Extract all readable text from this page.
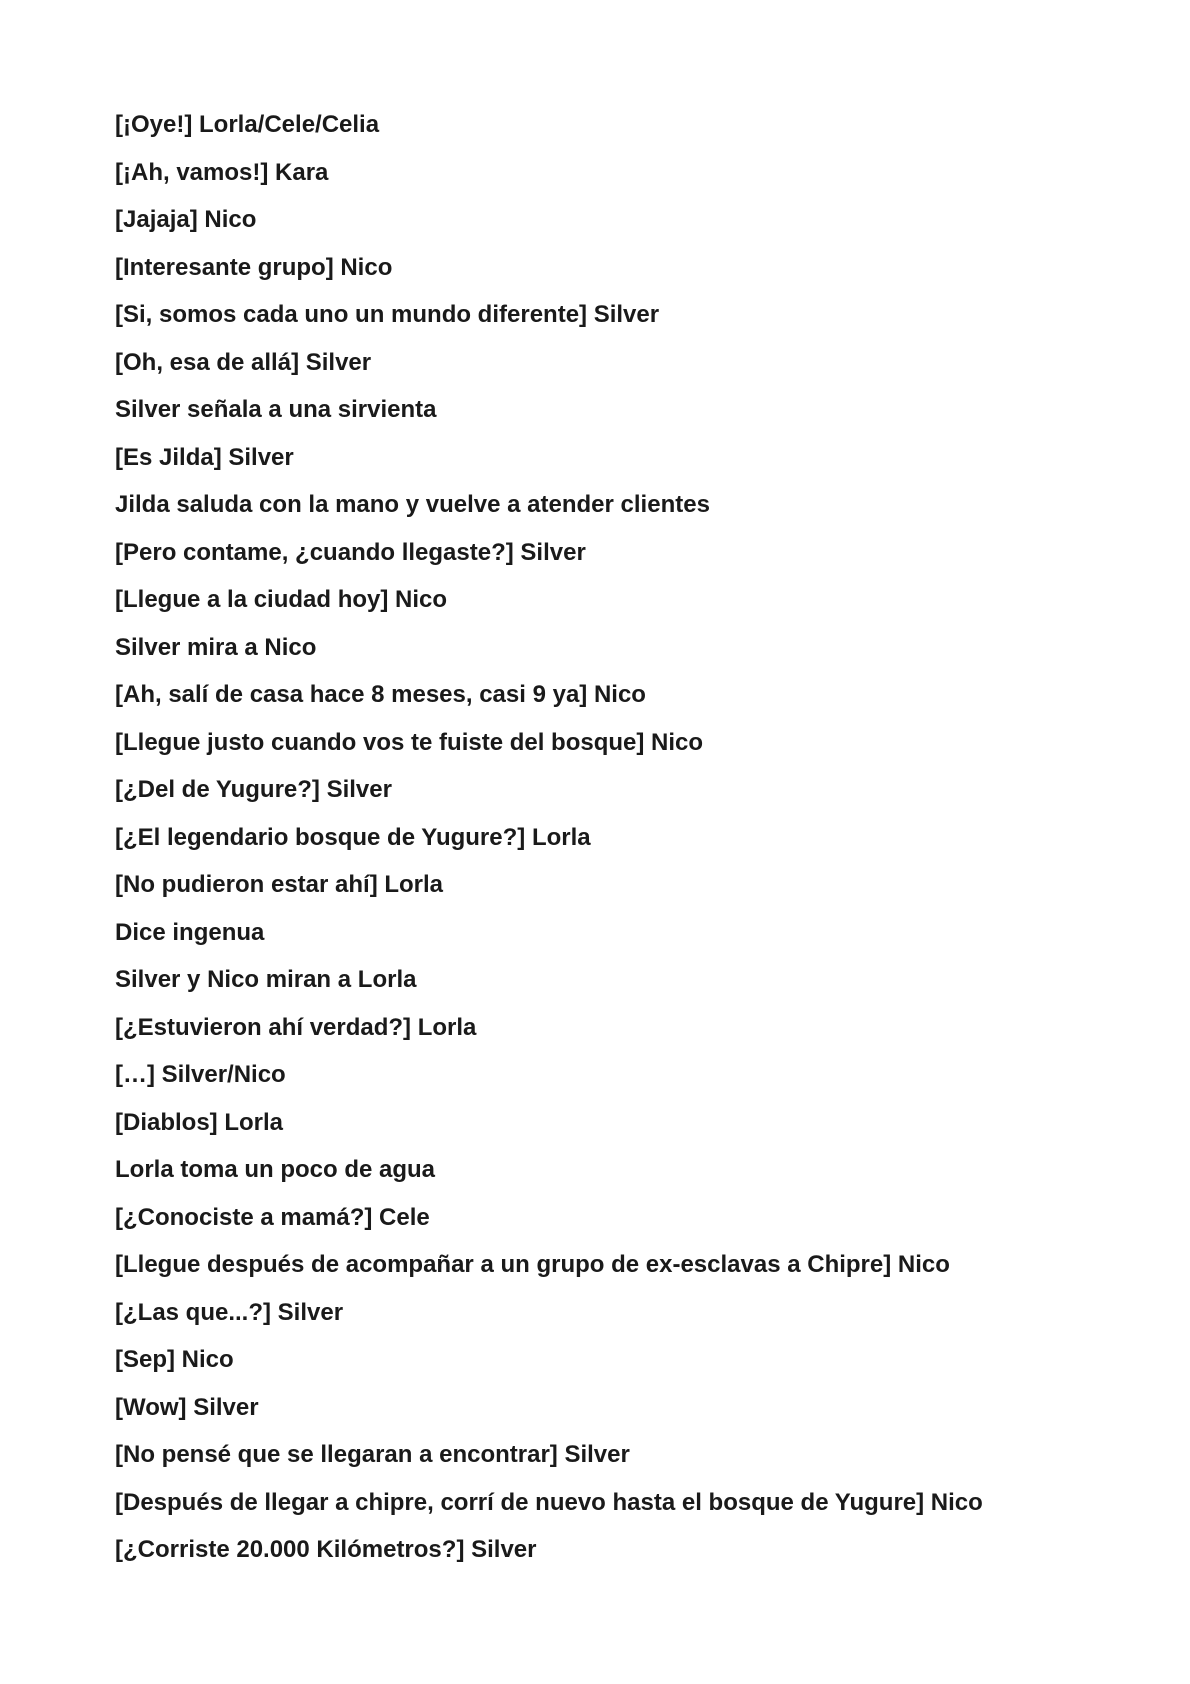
[¡Oye!] Lorla/Cele/Celia
[¡Ah, vamos!] Kara
[Jajaja] Nico
[Interesante grupo] Nico
[Si, somos cada uno un mundo diferente] Silver
[Oh, esa de allá] Silver
Silver señala a una sirvienta
[Es Jilda] Silver
Jilda saluda con la mano y vuelve a atender clientes
[Pero contame, ¿cuando llegaste?] Silver
[Llegue a la ciudad hoy] Nico
Silver mira a Nico
[Ah, salí de casa hace 8 meses, casi 9 ya] Nico
[Llegue justo cuando vos te fuiste del bosque] Nico
[¿Del de Yugure?] Silver
[¿El legendario bosque de Yugure?] Lorla
[No pudieron estar ahí] Lorla
Dice ingenua
Silver y Nico miran a Lorla
[¿Estuvieron ahí verdad?] Lorla
[…] Silver/Nico
[Diablos] Lorla
Lorla toma un poco de agua
[¿Conociste a mamá?] Cele
[Llegue después de acompañar a un grupo de ex-esclavas a Chipre] Nico
[¿Las que...?] Silver
[Sep] Nico
[Wow] Silver
[No pensé que se llegaran a encontrar] Silver
[Después de llegar a chipre, corrí de nuevo hasta el bosque de Yugure] Nico
[¿Corriste 20.000 Kilómetros?] Silver
